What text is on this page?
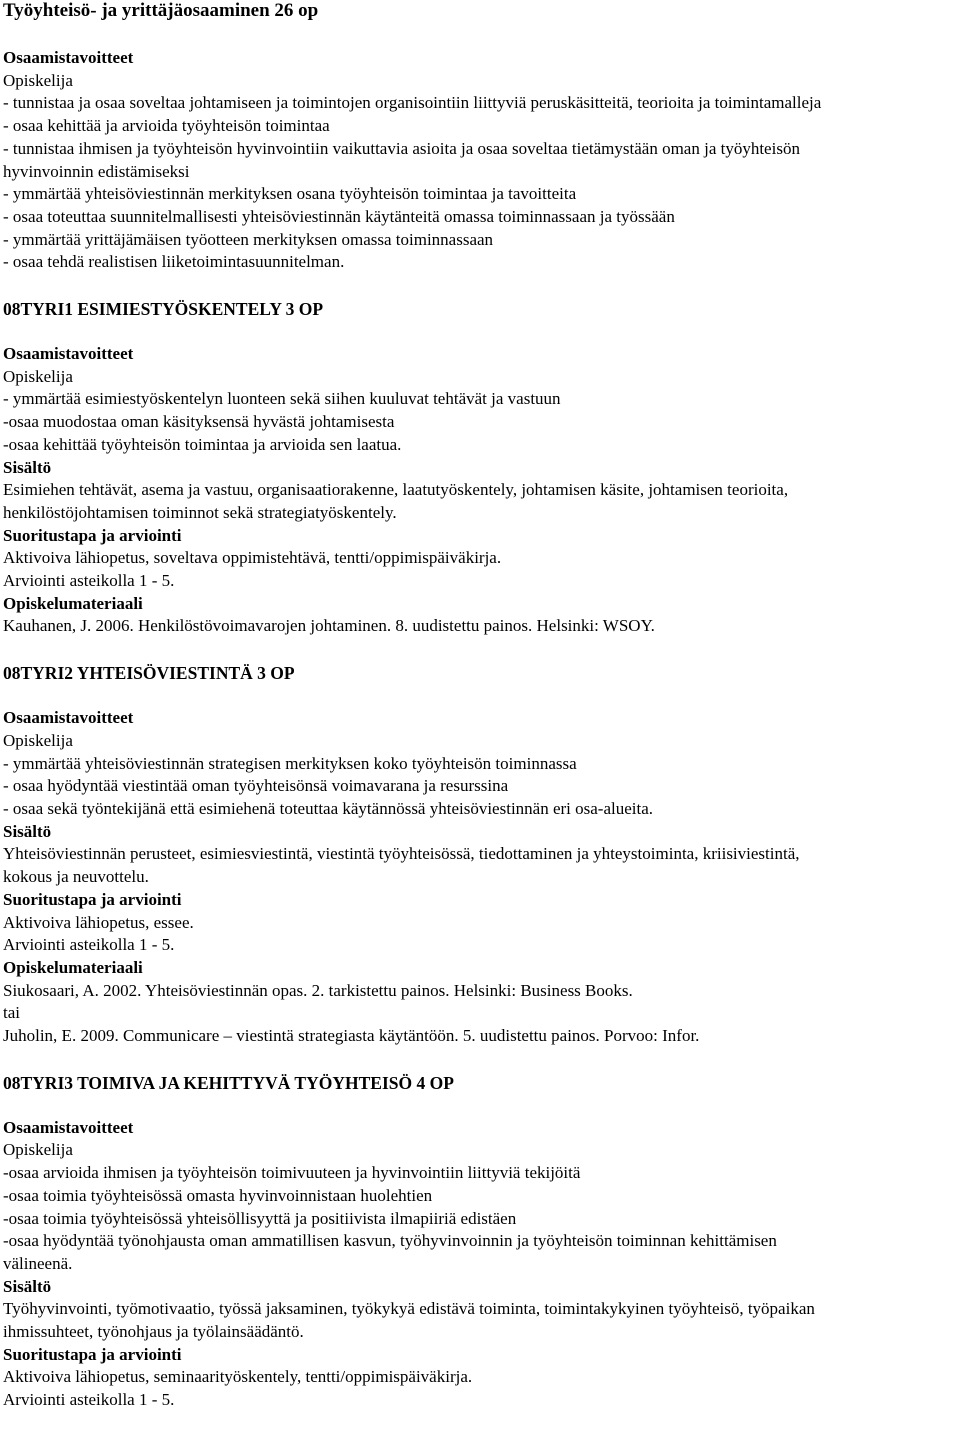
Työyhteisö- ja yrittäjäosaaminen 26 op

Osaamistavoitteet

Opiskelija

- tunnistaa ja osaa soveltaa johtamiseen ja toimintojen organisointiin liittyviä peruskäsitteitä, teorioita ja toimintamalleja

- osaa kehittää ja arvioida työyhteisön toimintaa

- tunnistaa ihmisen ja työyhteisön hyvinvointiin vaikuttavia asioita ja osaa soveltaa tietämystään oman ja työyhteisön

hyvinvoinnin edistämiseksi

- ymmärtää yhteisöviestinnän merkityksen osana työyhteisön toimintaa ja tavoitteita

- osaa toteuttaa suunnitelmallisesti yhteisöviestinnän käytänteitä omassa toiminnassaan ja työssään

- ymmärtää yrittäjämäisen työotteen merkityksen omassa toiminnassaan

- osaa tehdä realistisen liiketoimintasuunnitelman.

08TYRI1 ESIMIESTYÖSKENTELY 3 OP

Osaamistavoitteet

Opiskelija

- ymmärtää esimiestyöskentelyn luonteen sekä siihen kuuluvat tehtävät ja vastuun

-osaa muodostaa oman käsityksensä hyvästä johtamisesta

-osaa kehittää työyhteisön toimintaa ja arvioida sen laatua.

Sisältö

Esimiehen tehtävät, asema ja vastuu, organisaatiorakenne, laatutyöskentely, johtamisen käsite, johtamisen teorioita,

henkilöstöjohtamisen toiminnot sekä strategiatyöskentely.

Suoritustapa ja arviointi

Aktivoiva lähiopetus, soveltava oppimistehtävä, tentti/oppimispäiväkirja.

Arviointi asteikolla 1 - 5.

Opiskelumateriaali

Kauhanen, J. 2006. Henkilöstövoimavarojen johtaminen. 8. uudistettu painos. Helsinki: WSOY.

08TYRI2 YHTEISÖVIESTINTÄ 3 OP

Osaamistavoitteet

Opiskelija

- ymmärtää yhteisöviestinnän strategisen merkityksen koko työyhteisön toiminnassa

- osaa hyödyntää viestintää oman työyhteisönsä voimavarana ja resurssina

- osaa sekä työntekijänä että esimiehenä toteuttaa käytännössä yhteisöviestinnän eri osa-alueita.

Sisältö

Yhteisöviestinnän perusteet, esimiesviestintä, viestintä työyhteisössä, tiedottaminen ja yhteystoiminta, kriisiviestintä,

kokous ja neuvottelu.

Suoritustapa ja arviointi

Aktivoiva lähiopetus, essee.

Arviointi asteikolla 1 - 5.

Opiskelumateriaali

Siukosaari, A. 2002. Yhteisöviestinnän opas. 2. tarkistettu painos. Helsinki: Business Books.

tai

Juholin, E. 2009. Communicare – viestintä strategiasta käytäntöön. 5. uudistettu painos. Porvoo: Infor.

08TYRI3 TOIMIVA JA KEHITTYVÄ TYÖYHTEISÖ 4 OP

Osaamistavoitteet

Opiskelija

-osaa arvioida ihmisen ja työyhteisön toimivuuteen ja hyvinvointiin liittyviä tekijöitä

-osaa toimia työyhteisössä omasta hyvinvoinnistaan huolehtien

-osaa toimia työyhteisössä yhteisöllisyyttä ja positiivista ilmapiiriä edistäen

-osaa hyödyntää työnohjausta oman ammatillisen kasvun, työhyvinvoinnin ja työyhteisön toiminnan kehittämisen

välineenä.

Sisältö

Työhyvinvointi, työmotivaatio, työssä jaksaminen, työkykyä edistävä toiminta, toimintakykyinen työyhteisö, työpaikan

ihmissuhteet, työnohjaus ja työlainsäädäntö.

Suoritustapa ja arviointi

Aktivoiva lähiopetus, seminaarityöskentely, tentti/oppimispäiväkirja.

Arviointi asteikolla 1 - 5.
